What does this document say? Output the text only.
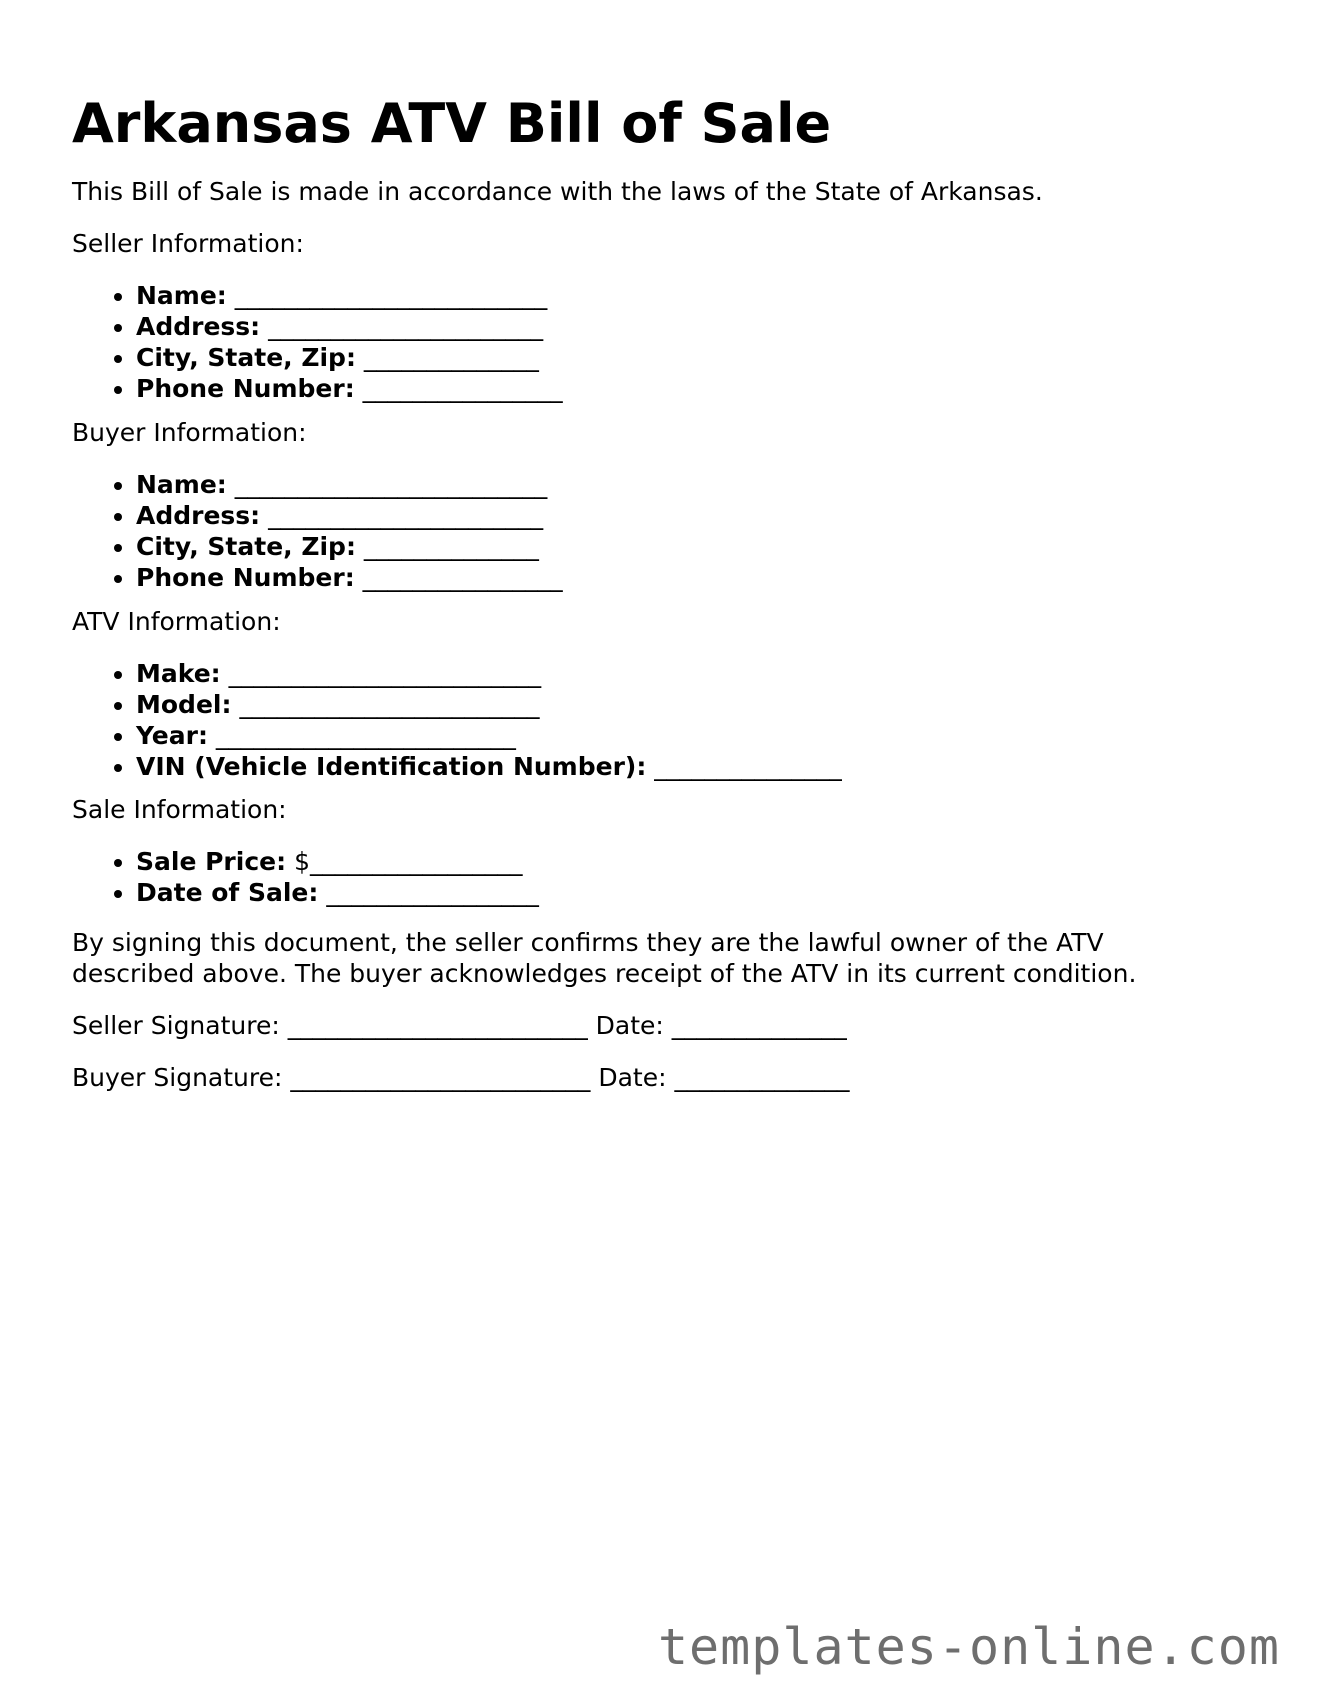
Arkansas ATV Bill of Sale

This Bill of Sale is made in accordance with the laws of the State of Arkansas.

Seller Information:

• Name: _________________________
• Address: ______________________
• City, State, Zip: ______________
• Phone Number: ________________

Buyer Information:

• Name: _________________________
• Address: ______________________
• City, State, Zip: ______________
• Phone Number: ________________

ATV Information:

• Make: _________________________
• Model: ________________________
• Year: ________________________
• VIN (Vehicle Identification Number): _______________

Sale Information:

• Sale Price: $_________________
• Date of Sale: _________________

By signing this document, the seller confirms they are the lawful owner of the ATV

described above. The buyer acknowledges receipt of the ATV in its current condition.

Seller Signature: ________________________ Date: ______________

Buyer Signature: ________________________ Date: ______________

templates-online.com
